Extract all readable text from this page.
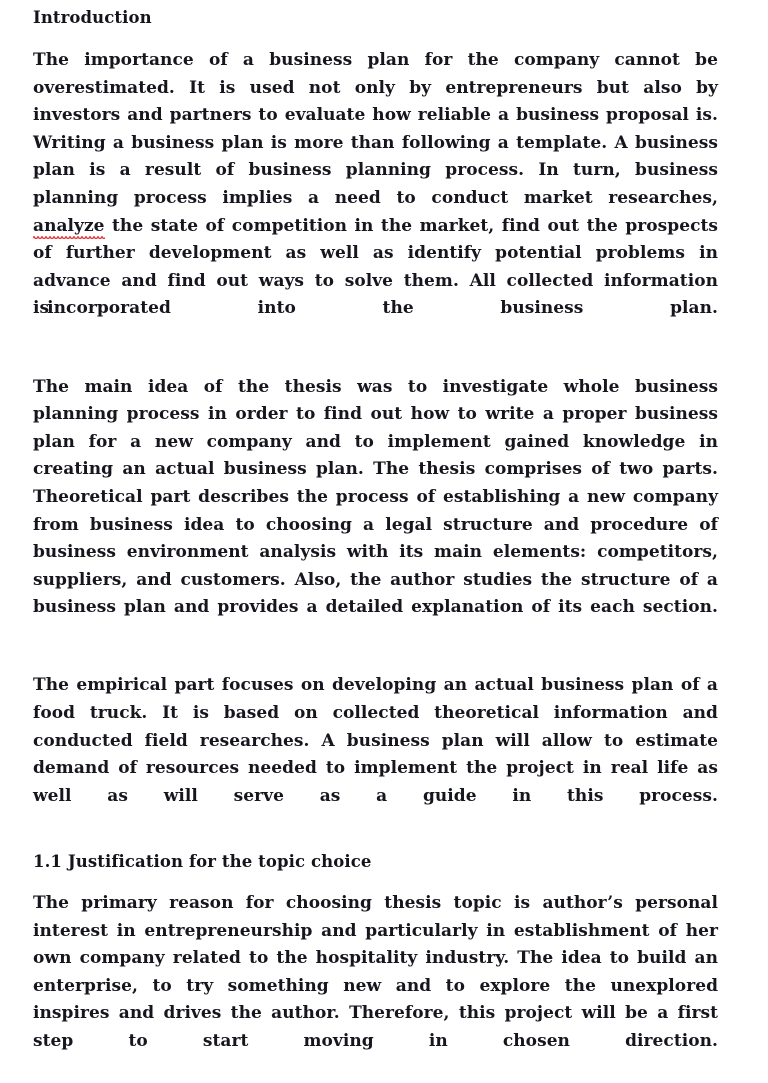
Introduction

The importance of a business plan for the company cannot be overestimated. It is used not only by entrepreneurs but also by investors and partners to evaluate how reliable a business proposal is. Writing a business plan is more than following a template. A business plan is a result of business planning process. In turn, business planning process implies a need to conduct market researches, analyze
the state of competition in the market, find out the prospects of further development as well as identify potential problems in advance and find out ways to solve them. All collected information isincorporated into the business plan.

The main idea of the thesis was to investigate whole business planning process in order to find out how to write a proper business plan for a new company and to implement gained knowledge in creating an actual business plan. The thesis comprises of two parts. Theoretical part describes the process of establishing a new company from business idea to choosing a legal structure and procedure of business environment analysis with its main elements: competitors, suppliers, and customers. Also, the author studies the structure of a business plan and provides a detailed explanation of its each section.

The empirical part focuses on developing an actual business plan of a food truck. It is based on collected theoretical information and conducted field researches. A business plan will allow to estimate demand of resources needed to implement the project in real life as well as will serve as a guide in this process.

1.1 Justification for the topic choice

The primary reason for choosing thesis topic is author’s personal interest in entrepreneurship and particularly in establishment of her own company related to the hospitality industry. The idea to build an enterprise, to try something new and to explore the unexplored inspires and drives the author. Therefore, this project will be a first step to start moving in chosen direction.
